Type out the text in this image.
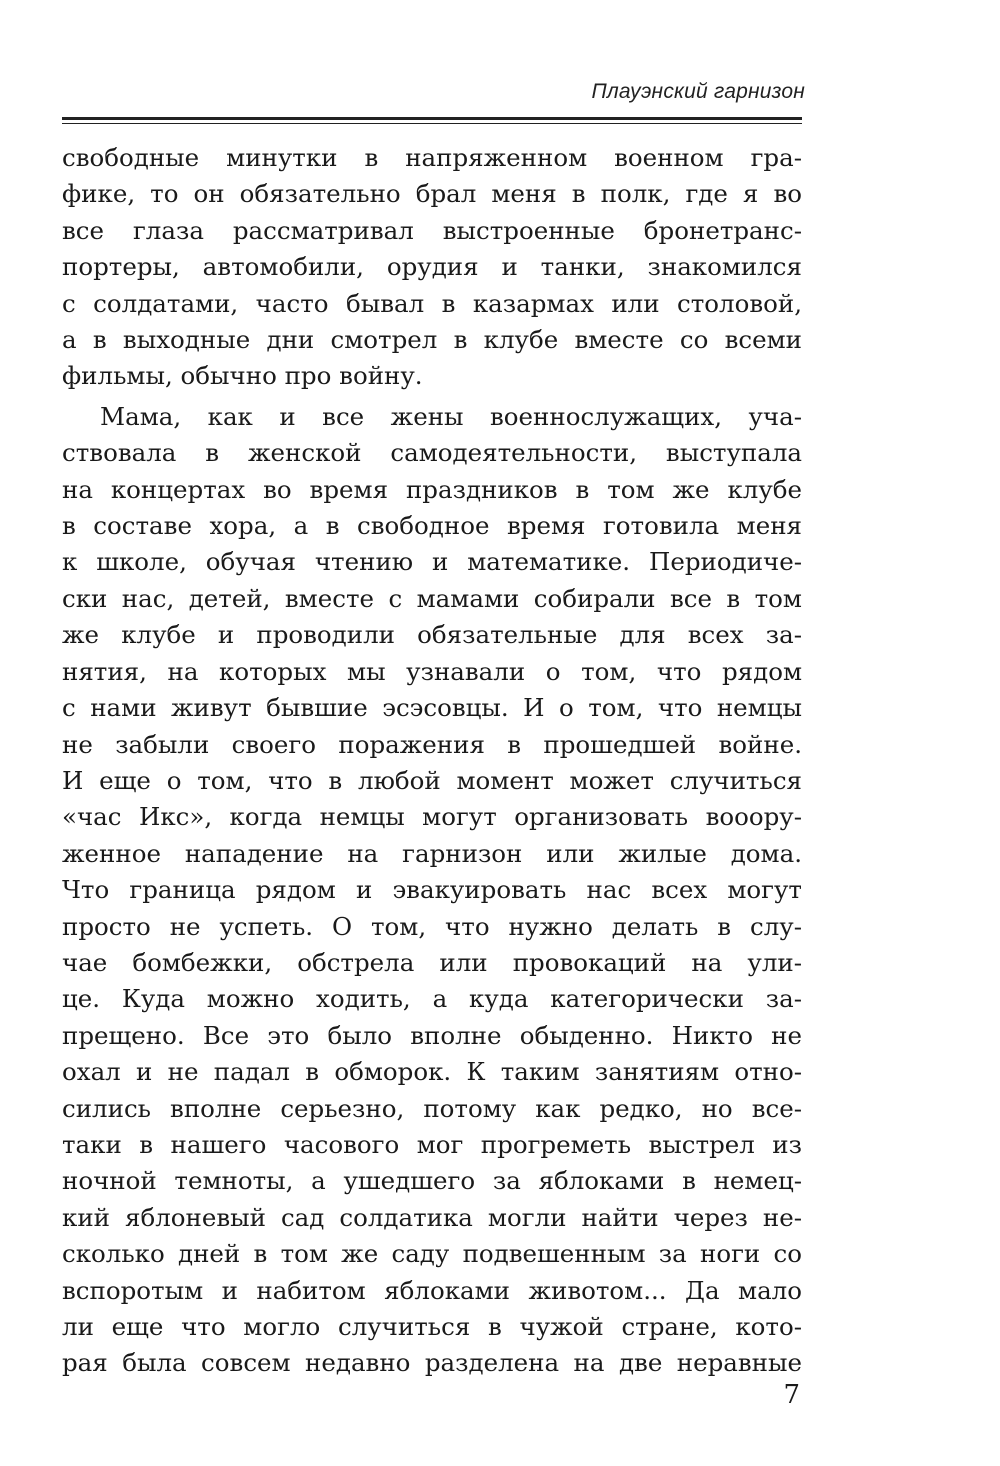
Плауэнский гарнизон
свободные минутки в напряженном военном гра-
фике, то он обязательно брал меня в полк, где я во
все глаза рассматривал выстроенные бронетранс-
портеры, автомобили, орудия и танки, знакомился
с солдатами, часто бывал в казармах или столовой,
а в выходные дни смотрел в клубе вместе со всеми
фильмы, обычно про войну.
Мама, как и все жены военнослужащих, уча-
ствовала в женской самодеятельности, выступала
на концертах во время праздников в том же клубе
в составе хора, а в свободное время готовила меня
к школе, обучая чтению и математике. Периодиче-
ски нас, детей, вместе с мамами собирали все в том
же клубе и проводили обязательные для всех за-
нятия, на которых мы узнавали о том, что рядом
с нами живут бывшие эсэсовцы. И о том, что немцы
не забыли своего поражения в прошедшей войне.
И еще о том, что в любой момент может случиться
«час Икс», когда немцы могут организовать вооору-
женное нападение на гарнизон или жилые дома.
Что граница рядом и эвакуировать нас всех могут
просто не успеть. О том, что нужно делать в слу-
чае бомбежки, обстрела или провокаций на ули-
це. Куда можно ходить, а куда категорически за-
прещено. Все это было вполне обыденно. Никто не
охал и не падал в обморок. К таким занятиям отно-
сились вполне серьезно, потому как редко, но все-
таки в нашего часового мог прогреметь выстрел из
ночной темноты, а ушедшего за яблоками в немец-
кий яблоневый сад солдатика могли найти через не-
сколько дней в том же саду подвешенным за ноги со
вспоротым и набитом яблоками животом... Да мало
ли еще что могло случиться в чужой стране, кото-
рая была совсем недавно разделена на две неравные
7
